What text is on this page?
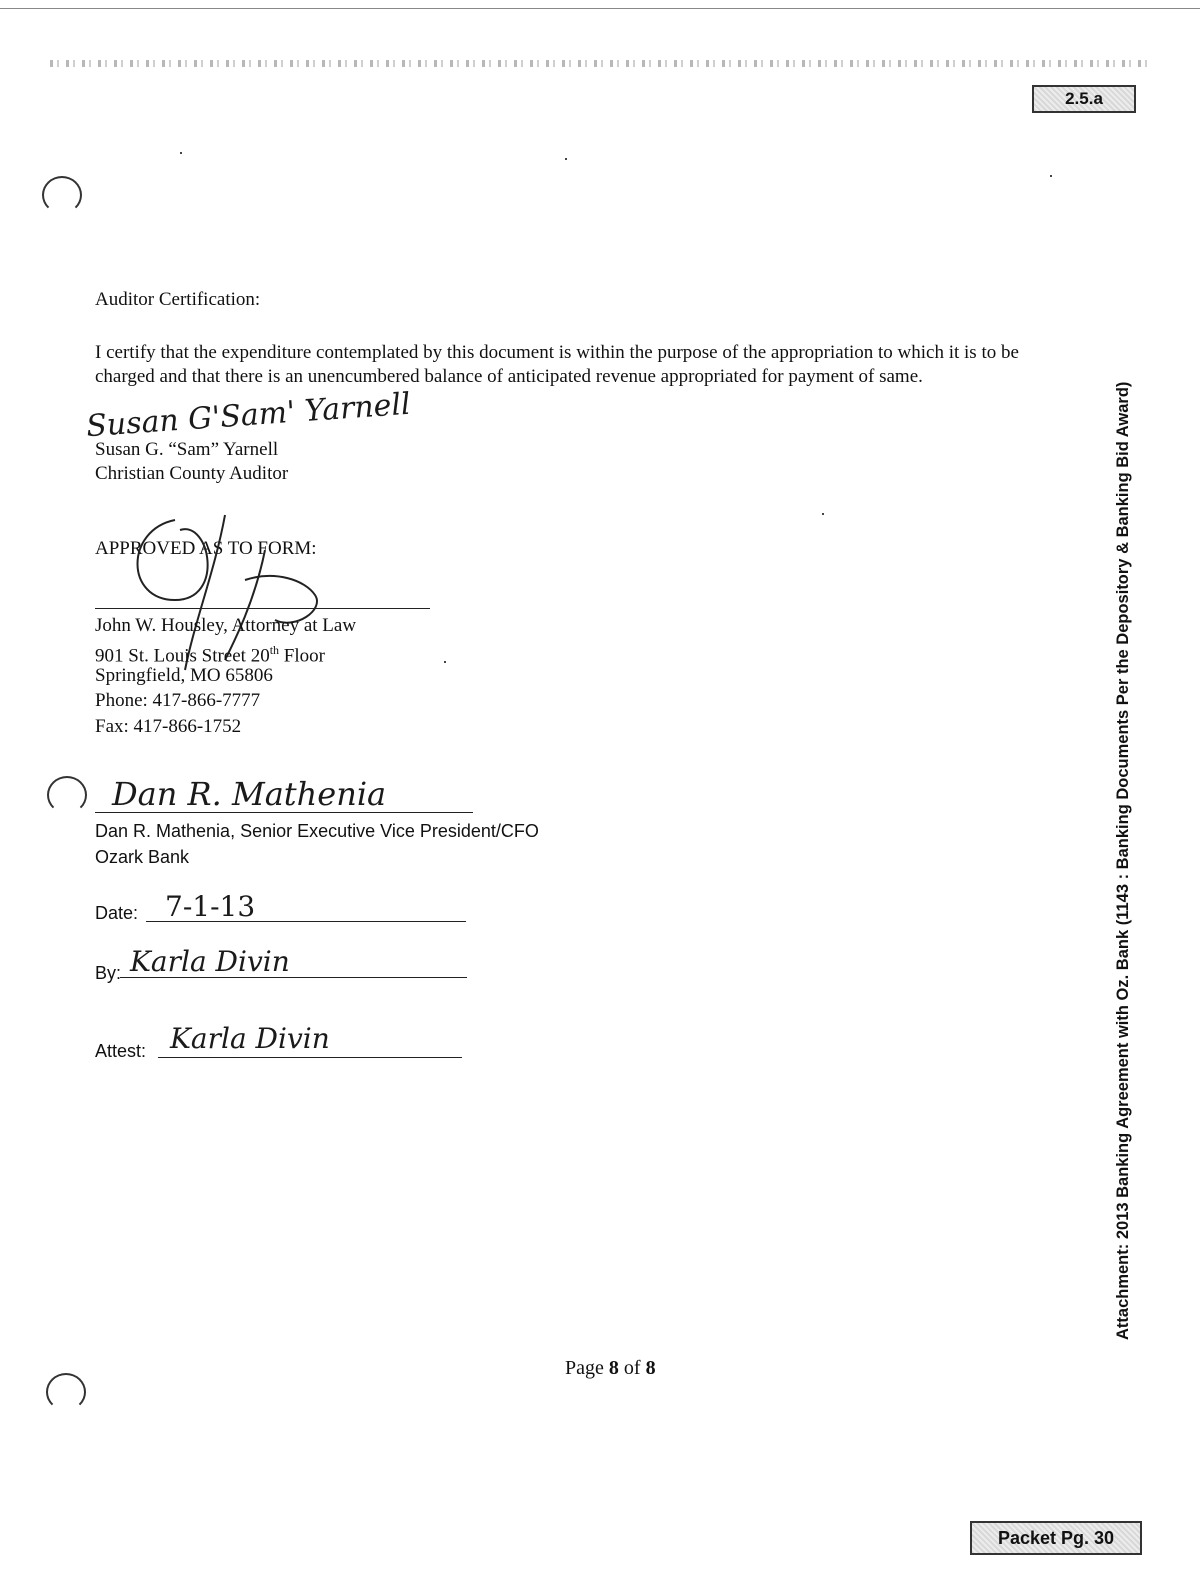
2.5.a
Packet Pg. 30
Attachment: 2013 Banking Agreement with Oz. Bank (1143 : Banking Documents Per the Depository & Banking Bid Award)
Auditor Certification:
I certify that the expenditure contemplated by this document is within the purpose of the appropriation to which it is to be
charged and that there is an unencumbered balance of anticipated revenue appropriated for payment of same.
Susan G'Sam' Yarnell
Susan G. “Sam” Yarnell
Christian County Auditor
APPROVED AS TO FORM:
John W. Housley, Attorney at Law
901 St. Louis Street 20th Floor
Springfield, MO 65806
Phone: 417-866-7777
Fax: 417-866-1752
Dan R. Mathenia
Dan R. Mathenia, Senior Executive Vice President/CFO
Ozark Bank
Date: 7-1-13
By: Karla Divin
Attest: Karla Divin
Page 8 of 8
